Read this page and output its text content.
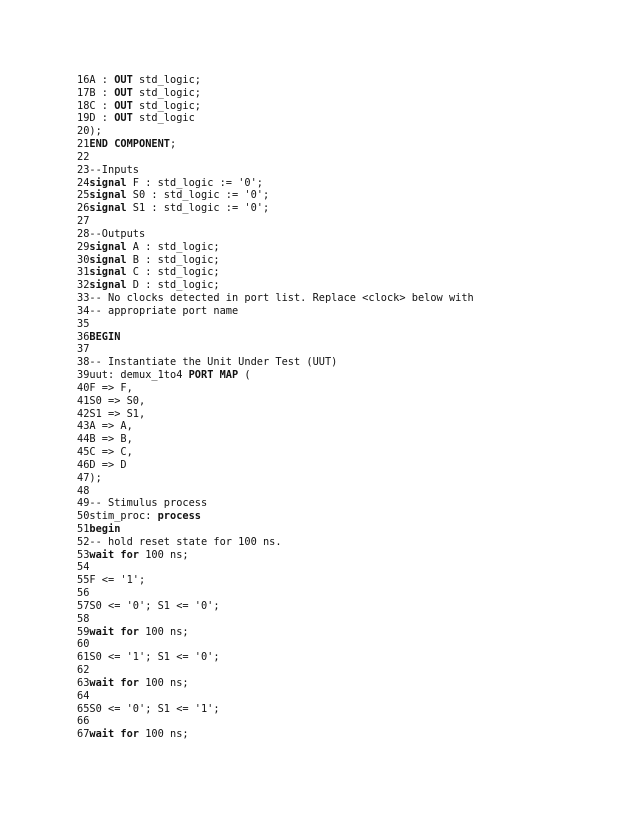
16A : OUT std_logic;
17B : OUT std_logic;
18C : OUT std_logic;
19D : OUT std_logic
20);
21END COMPONENT;
22
23--Inputs
24signal F : std_logic := '0';
25signal S0 : std_logic := '0';
26signal S1 : std_logic := '0';
27
28--Outputs
29signal A : std_logic;
30signal B : std_logic;
31signal C : std_logic;
32signal D : std_logic;
33-- No clocks detected in port list. Replace <clock> below with
34-- appropriate port name
35
36BEGIN
37
38-- Instantiate the Unit Under Test (UUT)
39uut: demux_1to4 PORT MAP (
40F => F,
41S0 => S0,
42S1 => S1,
43A => A,
44B => B,
45C => C,
46D => D
47);
48
49-- Stimulus process
50stim_proc: process
51begin
52-- hold reset state for 100 ns.
53wait for 100 ns;
54
55F <= '1';
56
57S0 <= '0'; S1 <= '0';
58
59wait for 100 ns;
60
61S0 <= '1'; S1 <= '0';
62
63wait for 100 ns;
64
65S0 <= '0'; S1 <= '1';
66
67wait for 100 ns;
